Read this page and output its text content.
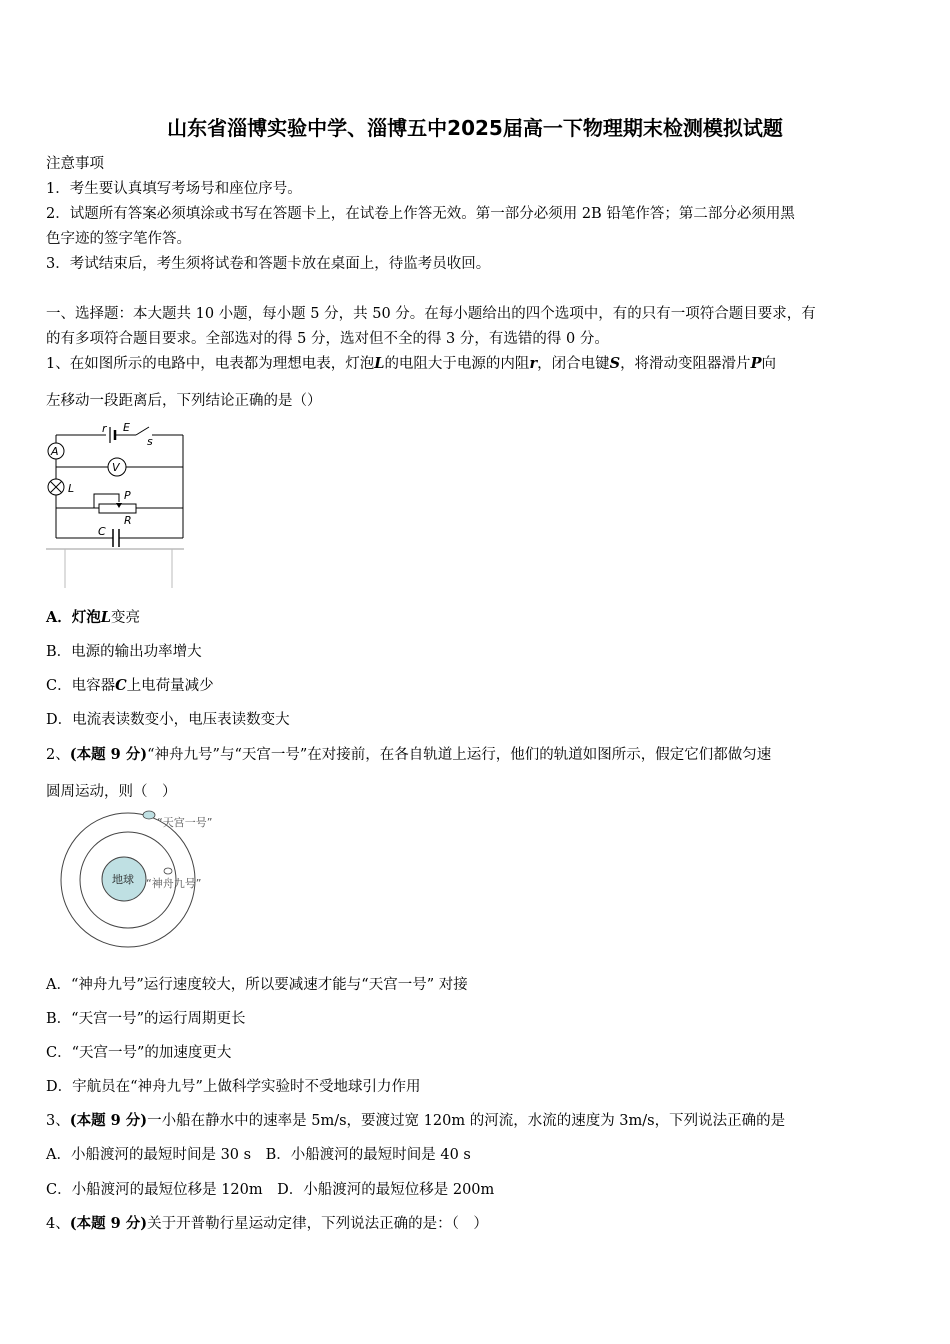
山东省淄博实验中学、淄博五中2025届高一下物理期末检测模拟试题
注意事项
1．考生要认真填写考场号和座位序号。
2．试题所有答案必须填涂或书写在答题卡上，在试卷上作答无效。第一部分必须用 2B 铅笔作答；第二部分必须用黑
色字迹的签字笔作答。
3．考试结束后，考生须将试卷和答题卡放在桌面上，待监考员收回。
一、选择题：本大题共 10 小题，每小题 5 分，共 50 分。在每小题给出的四个选项中，有的只有一项符合题目要求，有
的有多项符合题目要求。全部选对的得 5 分，选对但不全的得 3 分，有选错的得 0 分。
1、在如图所示的电路中，电表都为理想电表，灯泡L的电阻大于电源的内阻r，闭合电键S，将滑动变阻器滑片P向
左移动一段距离后，下列结论正确的是（）
r E
s
A
V
L
P
R
C
A．灯泡L变亮
B．电源的输出功率增大
C．电容器C上电荷量减少
D．电流表读数变小，电压表读数变大
2、(本题 9 分)“神舟九号”与“天宫一号”在对接前，在各自轨道上运行，他们的轨道如图所示，假定它们都做匀速
圆周运动，则（　）
“天宫一号”
地球 “神舟九号”
A．“神舟九号”运行速度较大，所以要减速才能与“天宫一号” 对接
B．“天宫一号”的运行周期更长
C．“天宫一号”的加速度更大
D．宇航员在“神舟九号”上做科学实验时不受地球引力作用
3、(本题 9 分)一小船在静水中的速率是 5m/s，要渡过宽 120m 的河流，水流的速度为 3m/s，下列说法正确的是
A．小船渡河的最短时间是 30 s　B．小船渡河的最短时间是 40 s
C．小船渡河的最短位移是 120m　D．小船渡河的最短位移是 200m
4、(本题 9 分)关于开普勒行星运动定律，下列说法正确的是：（　）
